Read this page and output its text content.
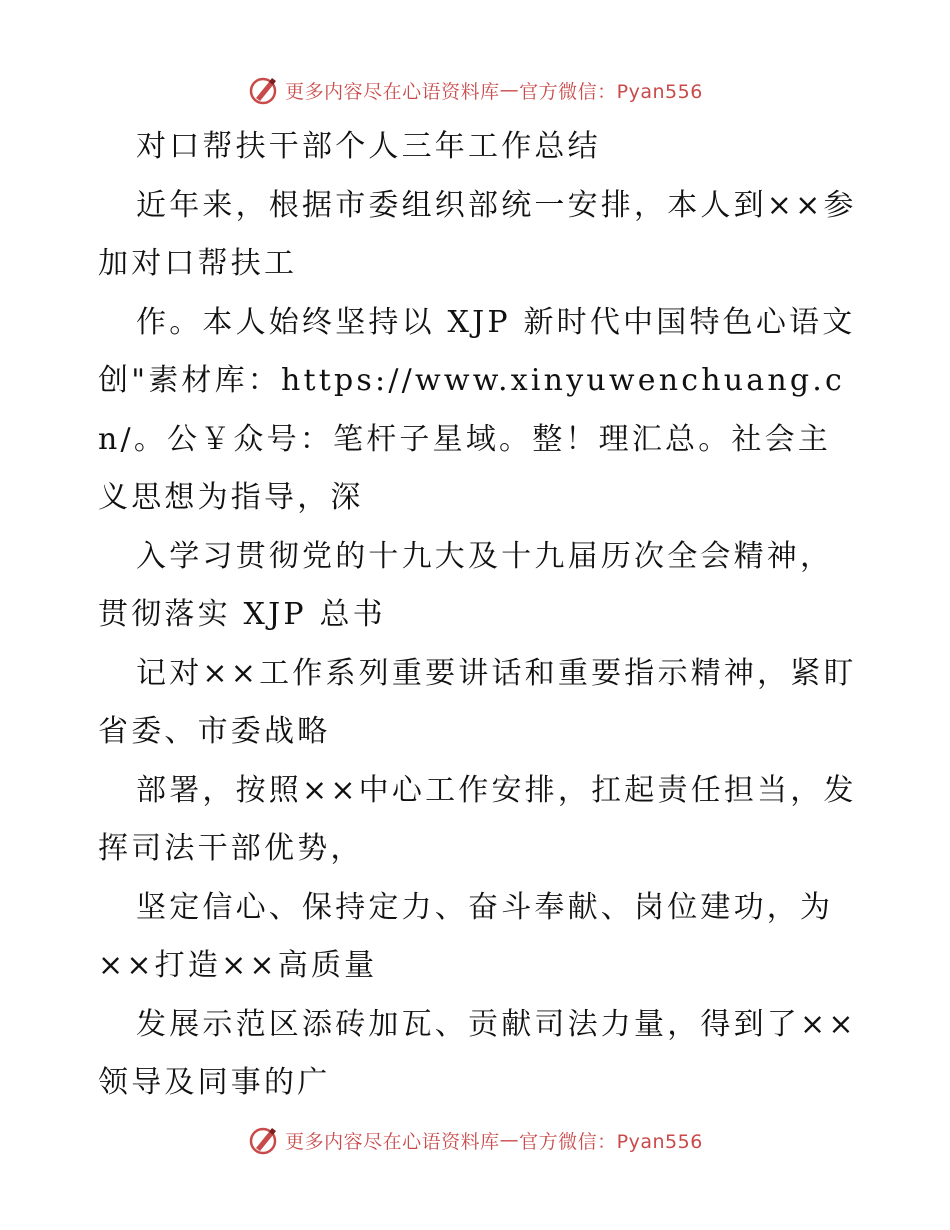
更多内容尽在心语资料库 — 官方微信：Pyan556

对口帮扶干部个人三年工作总结

近年来，根据市委组织部统一安排，本人到××参加对口帮扶工

作。本人始终坚持以 XJP 新时代中国特色心语文创"素材库：https://www.xinyuwenchuang.cn/。公￥众号：笔杆子星域。整！理汇总。社会主义思想为指导，深

入学习贯彻党的十九大及十九届历次全会精神，贯彻落实 XJP 总书

记对××工作系列重要讲话和重要指示精神，紧盯省委、市委战略

部署，按照××中心工作安排，扛起责任担当，发挥司法干部优势，

坚定信心、保持定力、奋斗奉献、岗位建功，为××打造××高质量

发展示范区添砖加瓦、贡献司法力量，得到了××领导及同事的广

更多内容尽在心语资料库 — 官方微信：Pyan556
